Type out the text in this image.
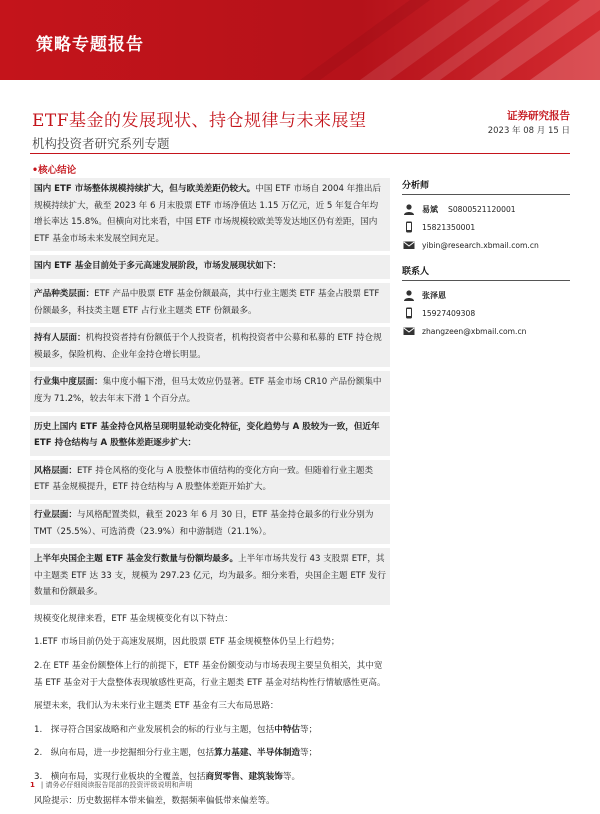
策略专题报告
ETF基金的发展现状、持仓规律与未来展望
机构投资者研究系列专题
证券研究报告
2023 年 08 月 15 日
•核心结论
国内 ETF 市场整体规模持续扩大，但与欧美差距仍较大。中国 ETF 市场自 2004 年推出后规模持续扩大，截至 2023 年 6 月末股票 ETF 市场净值达 1.15 万亿元，近 5 年复合年均增长率达 15.8%。但横向对比来看，中国 ETF 市场规模较欧美等发达地区仍有差距，国内 ETF 基金市场未来发展空间充足。
国内 ETF 基金目前处于多元高速发展阶段，市场发展现状如下：
产品种类层面：ETF 产品中股票 ETF 基金份额最高，其中行业主题类 ETF 基金占股票 ETF 份额最多，科技类主题 ETF 占行业主题类 ETF 份额最多。
持有人层面：机构投资者持有份额低于个人投资者，机构投资者中公募和私募的 ETF 持仓规模最多，保险机构、企业年金持仓增长明显。
行业集中度层面：集中度小幅下滑，但马太效应仍显著。ETF 基金市场 CR10 产品份额集中度为 71.2%，较去年末下滑 1 个百分点。
历史上国内 ETF 基金持仓风格呈现明显轮动变化特征，变化趋势与 A 股较为一致，但近年 ETF 持仓结构与 A 股整体差距逐步扩大：
风格层面：ETF 持仓风格的变化与 A 股整体市值结构的变化方向一致。但随着行业主题类 ETF 基金规模提升，ETF 持仓结构与 A 股整体差距开始扩大。
行业层面：与风格配置类似，截至 2023 年 6 月 30 日，ETF 基金持仓最多的行业分别为 TMT（25.5%）、可选消费（23.9%）和中游制造（21.1%）。
上半年央国企主题 ETF 基金发行数量与份额均最多。上半年市场共发行 43 支股票 ETF，其中主题类 ETF 达 33 支，规模为 297.23 亿元，均为最多。细分来看，央国企主题 ETF 发行数量和份额最多。
规模变化规律来看，ETF 基金规模变化有以下特点：
1.ETF 市场目前仍处于高速发展期，因此股票 ETF 基金规模整体仍呈上行趋势；
2.在 ETF 基金份额整体上行的前提下，ETF 基金份额变动与市场表现主要呈负相关，其中宽基 ETF 基金对于大盘整体表现敏感性更高，行业主题类 ETF 基金对结构性行情敏感性更高。
展望未来，我们认为未来行业主题类 ETF 基金有三大布局思路：
1.　探寻符合国家战略和产业发展机会的标的行业与主题，包括中特估等；
2.　纵向布局，进一步挖掘细分行业主题，包括算力基建、半导体制造等；
3.　横向布局，实现行业板块的全覆盖，包括商贸零售、建筑装饰等。
风险提示：历史数据样本带来偏差，数据频率偏低带来偏差等。
分析师
易斌 S0800521120001
15821350001
yibin@research.xbmail.com.cn
联系人
张泽恩
15927409308
zhangzeen@xbmail.com.cn
1 | 请务必仔细阅读报告尾部的投资评级说明和声明
